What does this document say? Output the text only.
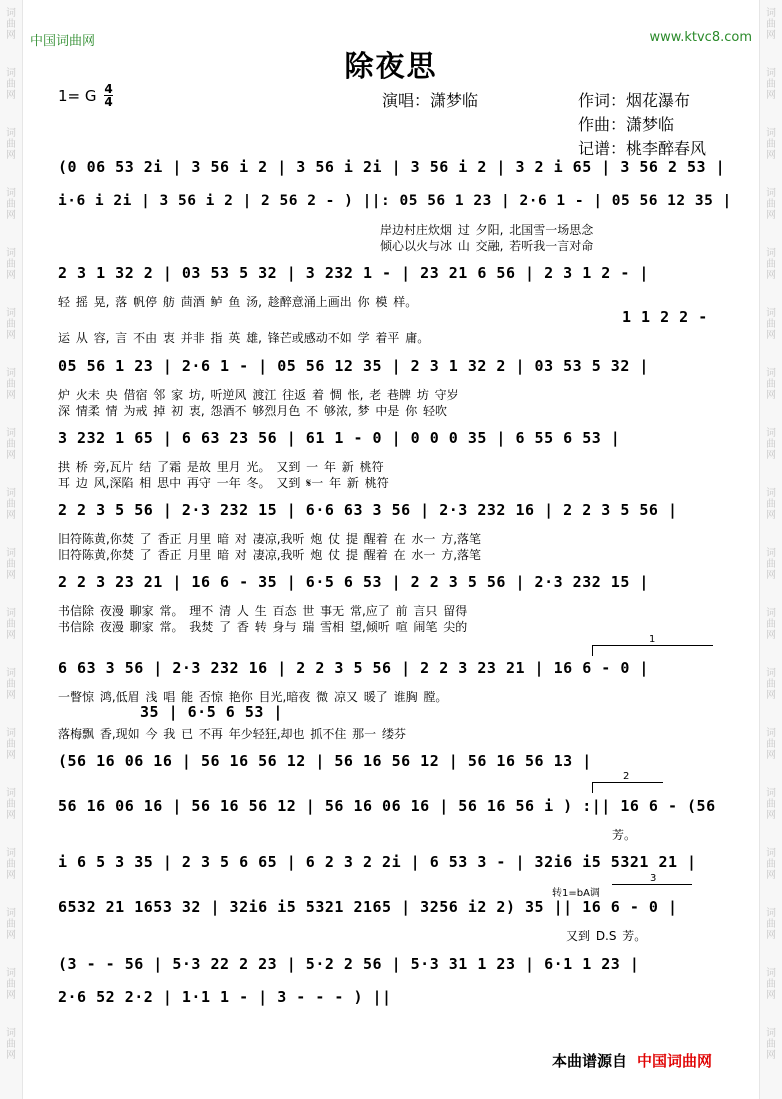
词
曲
网
词
曲
网
词
曲
网
词
曲
网
词
曲
网
词
曲
网
词
曲
网
词
曲
网
词
曲
网
词
曲
网
词
曲
网
词
曲
网
词
曲
网
词
曲
网
词
曲
网
词
曲
网
词
曲
网
词
曲
网
词
曲
网
词
曲
网
词
曲
网
词
曲
网
词
曲
网
词
曲
网
词
曲
网
词
曲
网
词
曲
网
词
曲
网
词
曲
网
词
曲
网
词
曲
网
词
曲
网
词
曲
网
词
曲
网
词
曲
网
词
曲
网
中国词曲网	www.ktvc8.com
除夜思
1= G 4
4	演唱：潇梦临	作词：烟花瀑布
作曲：潇梦临
记谱：桃李醉春风
(0 06 53 2i | 3 56 i 2 | 3 56 i 2i | 3 56 i 2 | 3 2 i 65 | 3 56 2 53 |
i·6 i 2i | 3 56 i 2 | 2 56 2 - ) ||: 05 56 1 23 | 2·6 1 - | 05 56 12 35 |
岸边村庄炊烟 过 夕阳, 北国雪一场思念
倾心以火与冰 山 交融, 若听我一言对命
2 3 1 32 2 | 03 53 5 32 | 3 232 1 - | 23 21 6 56 | 2 3 1 2 - |
轻 摇 晃, 落 帆停 舫 茴酒 鲈 鱼 汤, 趁醉意涌上画出 你 模 样。
1 1 2 2 -
运 从 容, 言 不由 衷 并非 指 英 雄, 锋芒或感动不如 学 着平 庸。
05 56 1 23 | 2·6 1 - | 05 56 12 35 | 2 3 1 32 2 | 03 53 5 32 |
炉 火未 央 借宿 邻 家 坊, 听逆风 渡江 往返 着 惆 怅, 老 巷牌 坊 守岁
深 情柔 情 为戒 掉 初 衷, 怨酒不 够烈月色 不 够浓, 梦 中是 你 轻吹
3 232 1 65 | 6 63 23 56 | 61 1 - 0 | 0 0 0 35 | 6 55 6 53 |
拱 桥 旁,瓦片 结 了霜 是故 里月 光。 又到 一 年 新 桃符
耳 边 风,深陷 相 思中 再守 一年 冬。 又到 𝄋一 年 新 桃符
2 2 3 5 56 | 2·3 232 15 | 6·6 63 3 56 | 2·3 232 16 | 2 2 3 5 56 |
旧符陈黄,你焚 了 香正 月里 暗 对 凄凉,我听 炮 仗 提 醒着 在 水一 方,落笔
旧符陈黄,你焚 了 香正 月里 暗 对 凄凉,我听 炮 仗 提 醒着 在 水一 方,落笔
2 2 3 23 21 | 16 6 - 35 | 6·5 6 53 | 2 2 3 5 56 | 2·3 232 15 |
书信除 夜漫 聊家 常。 理不 清 人 生 百态 世 事无 常,应了 前 言只 留得
书信除 夜漫 聊家 常。 我焚 了 香 转 身与 瑞 雪相 望,倾听 喧 闹笔 尖的
6 63 3 56 | 2·3 232 16 | 2 2 3 5 56 | 2 2 3 23 21 | 16 6 - 0 |
一瞥惊 鸿,低眉 浅 唱 能 否惊 艳你 目光,暗夜 微 凉又 暖了 谁胸 膛。
35 | 6·5 6 53 |
落梅飘 香,现如 今 我 已 不再 年少轻狂,却也 抓不住 那一 缕芬
(56 16 06 16 | 56 16 56 12 | 56 16 56 12 | 56 16 56 13 |
56 16 06 16 | 56 16 56 12 | 56 16 06 16 | 56 16 56 i ) :|| 16 6 - (56
芳。
i 6 5 3 35 | 2 3 5 6 65 | 6 2 3 2 2i | 6 53 3 - | 32i6 i5 5321 21 |
6532 21 1653 32 | 32i6 i5 5321 2165 | 3256 i2 2) 35 || 16 6 - 0 |
又到 D.S 芳。
(3 - - 56 | 5·3 22 2 23 | 5·2 2 56 | 5·3 31 1 23 | 6·1 1 23 |
2·6 52 2·2 | 1·1 1 - | 3 - - - ) ||
1
2
转1=bA调
3
本曲谱源自 中国词曲网
